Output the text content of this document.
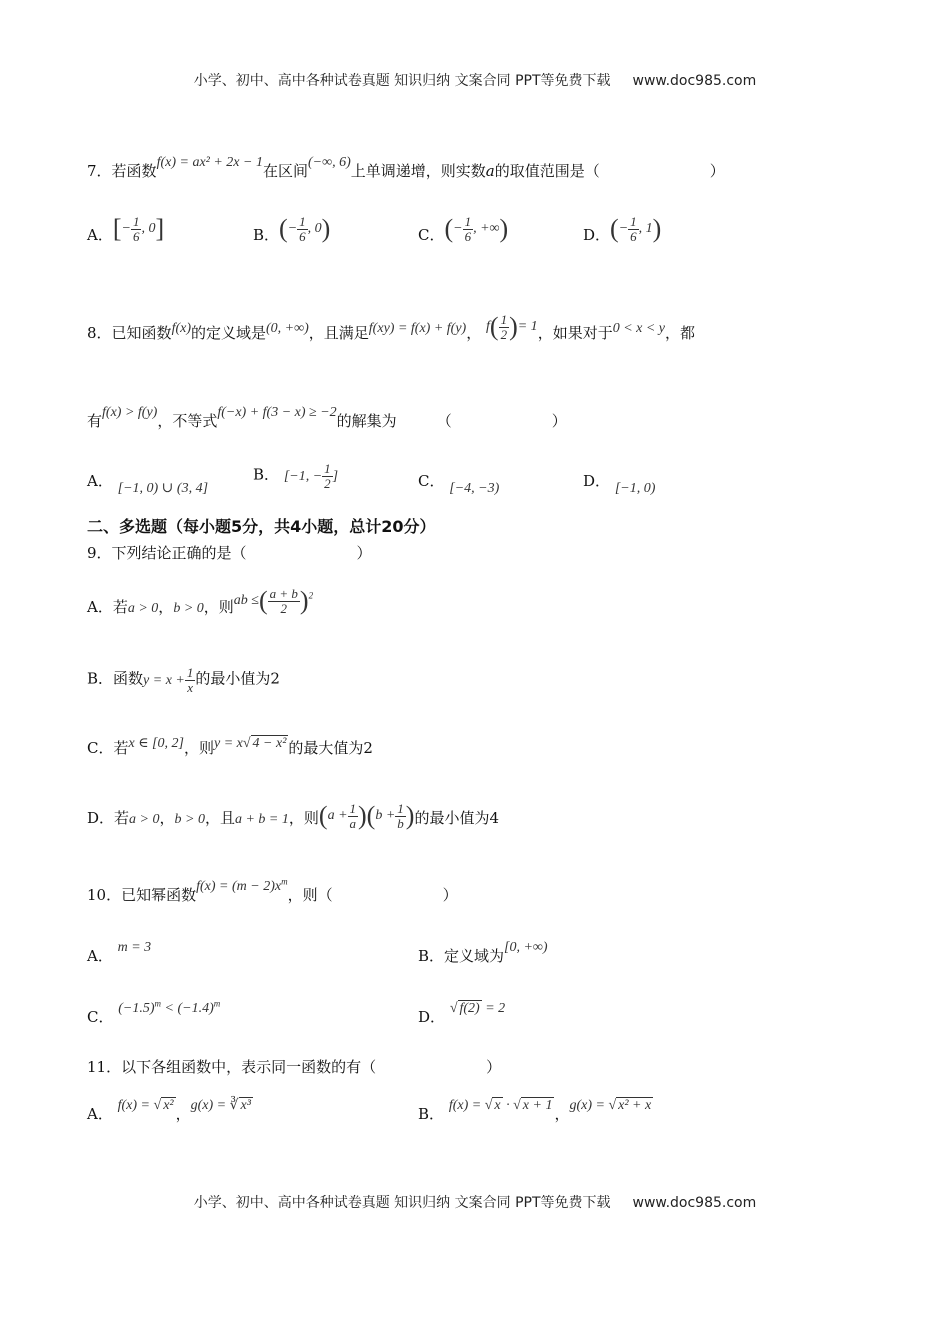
小学、初中、高中各种试卷真题 知识归纳 文案合同 PPT等免费下载 www.doc985.com
7．若函数f(x) = ax² + 2x − 1在区间(−∞, 6)上单调递增，则实数a的取值范围是（	）
A．[− $\frac{1}{6}$ , 0]	B．(− $\frac{1}{6}$ , 0)	C．(− $\frac{1}{6}$ , +∞)	D．(− $\frac{1}{6}$ , 1)
8．已知函数f(x)的定义域是(0, +∞)，且满足f(xy) = f(x) + f(y)， $f( \frac{1}{2}$ )= 1，如果对于0 < x < y，都
有f(x) > f(y)，不等式f(−x) + f(3 − x) ≥ −2的解集为	（	）
A． [−1, 0) ∪ (3, 4]
B． [−1, − $\frac{1}{2}$ ]	C． [−4, −3)	D． [−1, 0)
二、多选题（每小题5分，共4小题，总计20分）
9．下列结论正确的是（	）
A．若a > 0，b > 0，则ab ≤( $\frac{a + b}{2} )^2$
B．函数$y = x + \frac{1}{x}$ 的最小值为2
C．若x ∈ [0, 2]，则y = x√ 4 − x² 的最大值为2
D．若a > 0，b > 0，且a + b = 1，则$(a + \frac{1}{a} )(b + \frac{1}{b}$ )的最小值为4
10．已知幂函数$f(x) = (m - 2)x^m$，则（	）
A． m = 3	B．定义域为[0, +∞)
C． $(-1.5)^m < (-1.4)^m$
D． √ f(2) = 2
11．以下各组函数中，表示同一函数的有（	）
A． f(x) = √ x² ，g(x) = ∛ x³	B． f(x) = √ x · √ x + 1 ，g(x) = √ x² + x
小学、初中、高中各种试卷真题 知识归纳 文案合同 PPT等免费下载 www.doc985.com
